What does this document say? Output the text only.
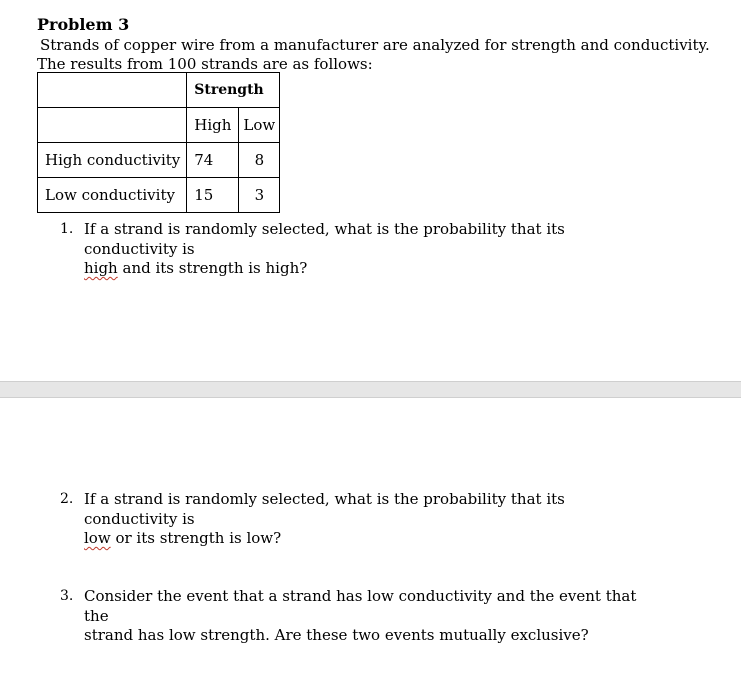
Problem 3
Strands of copper wire from a manufacturer are analyzed for strength and conductivity.
The results from 100 strands are as follows:
	Strength	
	High	Low
High conductivity	74	8
Low conductivity	15	3
1. If a strand is randomly selected, what is the probability that its conductivity is
high and its strength is high?
2. If a strand is randomly selected, what is the probability that its conductivity is
low or its strength is low?
3. Consider the event that a strand has low conductivity and the event that the
strand has low strength. Are these two events mutually exclusive?
